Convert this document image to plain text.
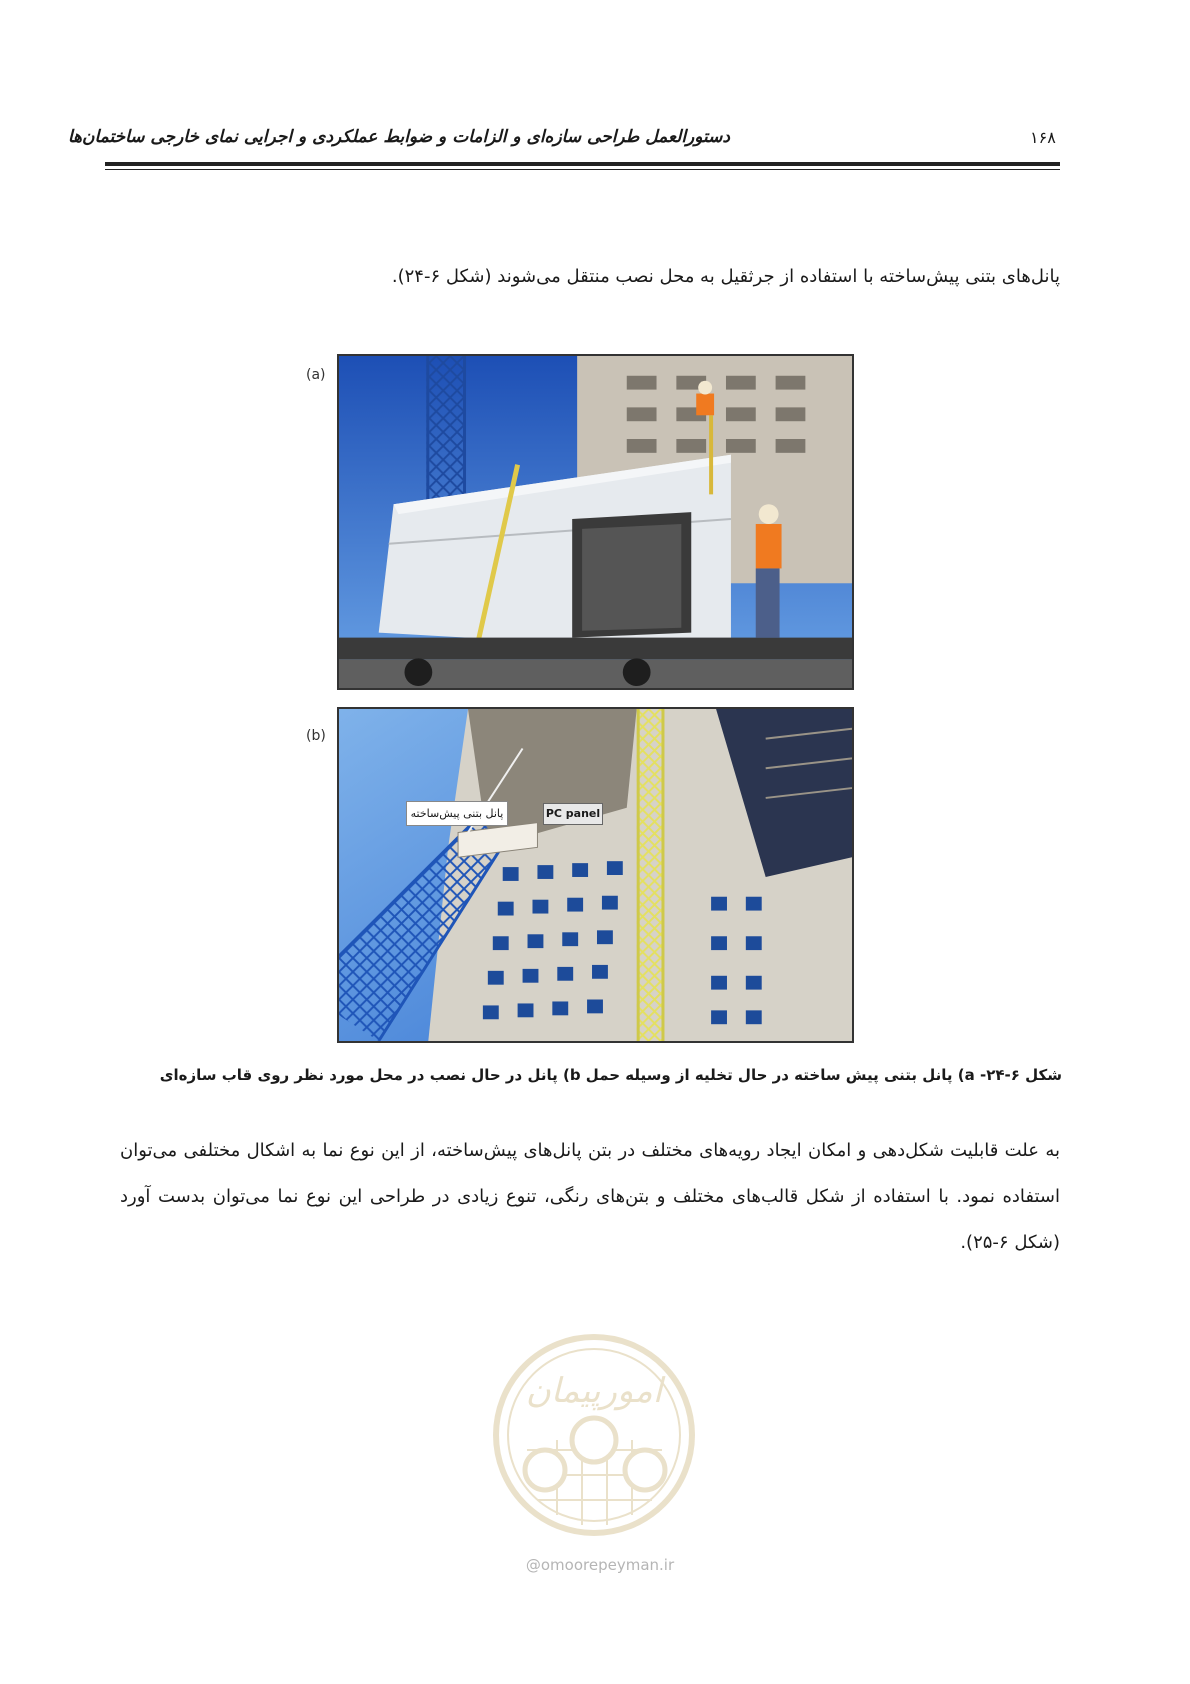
دستورالعمل طراحی سازه‌ای و الزامات و ضوابط عملکردی و اجرایی نمای خارجی ساختمان‌ها	۱۶۸
پانل‌های بتنی پیش‌ساخته با استفاده از جرثقیل به محل نصب منتقل می‌شوند (شکل ۶-۲۴).
(a)
(b)
پانل بتنی پیش‌ساخته	PC panel
شکل ۶-۲۴- a) پانل بتنی پیش ساخته در حال تخلیه از وسیله حمل b) پانل در حال نصب در محل مورد نظر روی قاب سازه‌ای
به علت قابلیت شکل‌دهی و امکان ایجاد رویه‌های مختلف در بتن پانل‌های پیش‌ساخته، از این نوع نما به اشکال مختلفی می‌توان استفاده نمود. با استفاده از شکل قالب‌های مختلف و بتن‌های رنگی، تنوع زیادی در طراحی این نوع نما می‌توان بدست آورد (شکل ۶-۲۵).
امورپیمان
@omoorepeyman.ir
